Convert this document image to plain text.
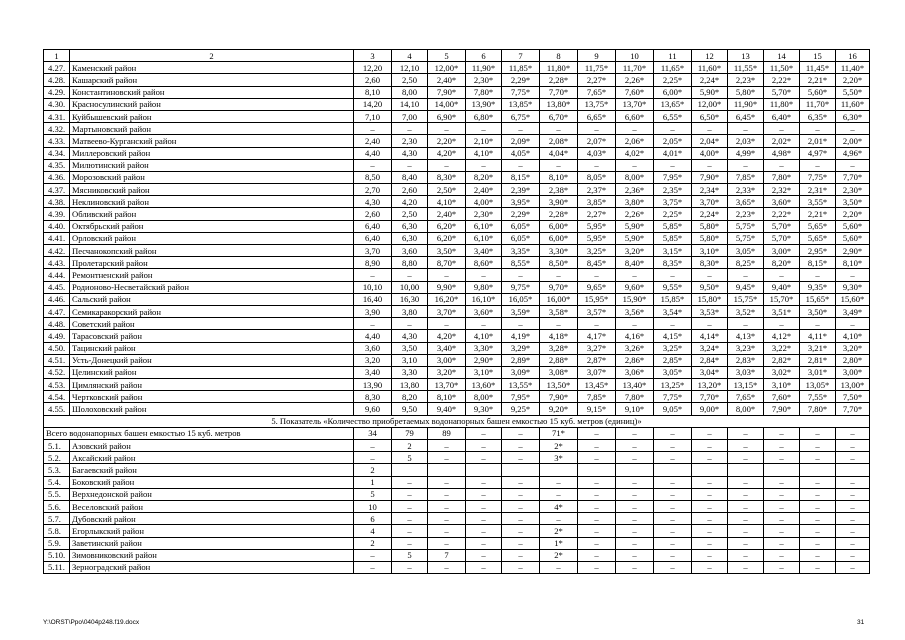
1	2	3	4	5	6	7	8	9	10	11	12	13	14	15	16
4.27.	Каменский район	12,20	12,10	12,00*	11,90*	11,85*	11,80*	11,75*	11,70*	11,65*	11,60*	11,55*	11,50*	11,45*	11,40*
4.28.	Кашарский район	2,60	2,50	2,40*	2,30*	2,29*	2,28*	2,27*	2,26*	2,25*	2,24*	2,23*	2,22*	2,21*	2,20*
4.29.	Константиновский район	8,10	8,00	7,90*	7,80*	7,75*	7,70*	7,65*	7,60*	6,00*	5,90*	5,80*	5,70*	5,60*	5,50*
4.30.	Красносулинский район	14,20	14,10	14,00*	13,90*	13,85*	13,80*	13,75*	13,70*	13,65*	12,00*	11,90*	11,80*	11,70*	11,60*
4.31.	Куйбышевский район	7,10	7,00	6,90*	6,80*	6,75*	6,70*	6,65*	6,60*	6,55*	6,50*	6,45*	6,40*	6,35*	6,30*
4.32.	Мартыновский район	–	–	–	–	–	–	–	–	–	–	–	–	–	–
4.33.	Матвеево-Курганский район	2,40	2,30	2,20*	2,10*	2,09*	2,08*	2,07*	2,06*	2,05*	2,04*	2,03*	2,02*	2,01*	2,00*
4.34.	Миллеровский район	4,40	4,30	4,20*	4,10*	4,05*	4,04*	4,03*	4,02*	4,01*	4,00*	4,99*	4,98*	4,97*	4,96*
4.35.	Милютинский район	–	–	–	–	–	–	–	–	–	–	–	–	–	–
4.36.	Морозовский район	8,50	8,40	8,30*	8,20*	8,15*	8,10*	8,05*	8,00*	7,95*	7,90*	7,85*	7,80*	7,75*	7,70*
4.37.	Мясниковский район	2,70	2,60	2,50*	2,40*	2,39*	2,38*	2,37*	2,36*	2,35*	2,34*	2,33*	2,32*	2,31*	2,30*
4.38.	Неклиновский район	4,30	4,20	4,10*	4,00*	3,95*	3,90*	3,85*	3,80*	3,75*	3,70*	3,65*	3,60*	3,55*	3,50*
4.39.	Обливский район	2,60	2,50	2,40*	2,30*	2,29*	2,28*	2,27*	2,26*	2,25*	2,24*	2,23*	2,22*	2,21*	2,20*
4.40.	Октябрьский район	6,40	6,30	6,20*	6,10*	6,05*	6,00*	5,95*	5,90*	5,85*	5,80*	5,75*	5,70*	5,65*	5,60*
4.41.	Орловский район	6,40	6,30	6,20*	6,10*	6,05*	6,00*	5,95*	5,90*	5,85*	5,80*	5,75*	5,70*	5,65*	5,60*
4.42.	Песчанокопский район	3,70	3,60	3,50*	3,40*	3,35*	3,30*	3,25*	3,20*	3,15*	3,10*	3,05*	3,00*	2,95*	2,90*
4.43.	Пролетарский район	8,90	8,80	8,70*	8,60*	8,55*	8,50*	8,45*	8,40*	8,35*	8,30*	8,25*	8,20*	8,15*	8,10*
4.44.	Ремонтненский район	–	–	–	–	–	–	–	–	–	–	–	–	–	–
4.45.	Родионово-Несветайский район	10,10	10,00	9,90*	9,80*	9,75*	9,70*	9,65*	9,60*	9,55*	9,50*	9,45*	9,40*	9,35*	9,30*
4.46.	Сальский район	16,40	16,30	16,20*	16,10*	16,05*	16,00*	15,95*	15,90*	15,85*	15,80*	15,75*	15,70*	15,65*	15,60*
4.47.	Семикаракорский район	3,90	3,80	3,70*	3,60*	3,59*	3,58*	3,57*	3,56*	3,54*	3,53*	3,52*	3,51*	3,50*	3,49*
4.48.	Советский район	–	–	–	–	–	–	–	–	–	–	–	–	–	–
4.49.	Тарасовский район	4,40	4,30	4,20*	4,10*	4,19*	4,18*	4,17*	4,16*	4,15*	4,14*	4,13*	4,12*	4,11*	4,10*
4.50.	Тацинский район	3,60	3,50	3,40*	3,30*	3,29*	3,28*	3,27*	3,26*	3,25*	3,24*	3,23*	3,22*	3,21*	3,20*
4.51.	Усть-Донецкий район	3,20	3,10	3,00*	2,90*	2,89*	2,88*	2,87*	2,86*	2,85*	2,84*	2,83*	2,82*	2,81*	2,80*
4.52.	Целинский район	3,40	3,30	3,20*	3,10*	3,09*	3,08*	3,07*	3,06*	3,05*	3,04*	3,03*	3,02*	3,01*	3,00*
4.53.	Цимлянский район	13,90	13,80	13,70*	13,60*	13,55*	13,50*	13,45*	13,40*	13,25*	13,20*	13,15*	3,10*	13,05*	13,00*
4.54.	Чертковский район	8,30	8,20	8,10*	8,00*	7,95*	7,90*	7,85*	7,80*	7,75*	7,70*	7,65*	7,60*	7,55*	7,50*
4.55.	Шолоховский район	9,60	9,50	9,40*	9,30*	9,25*	9,20*	9,15*	9,10*	9,05*	9,00*	8,00*	7,90*	7,80*	7,70*
5. Показатель «Количество приобретаемых водонапорных башен емкостью 15 куб. метров (единиц)»															
Всего водонапорных башен емкостью 15 куб. метров		34	79	89	–	–	71*	–	–	–	–	–	–	–	–
5.1.	Азовский район	–	2	–	–	–	2*	–	–	–	–	–	–	–	–
5.2.	Аксайский район	–	5	–	–	–	3*	–	–	–	–	–	–	–	–
5.3.	Багаевский район	2													
5.4.	Боковский район	1	–	–	–	–	–	–	–	–	–	–	–	–	–
5.5.	Верхнедонской район	5	–	–	–	–	–	–	–	–	–	–	–	–	–
5.6.	Веселовский район	10	–	–	–	–	4*	–	–	–	–	–	–	–	–
5.7.	Дубовский район	6	–	–	–	–	–	–	–	–	–	–	–	–	–
5.8.	Егорлыкский район	4	–	–	–	–	2*	–	–	–	–	–	–	–	–
5.9.	Заветинский район	2	–	–	–	–	1*	–	–	–	–	–	–	–	–
5.10.	Зимовниковский район	–	5	7	–	–	2*	–	–	–	–	–	–	–	–
5.11.	Зерноградский район	–	–	–	–	–	–	–	–	–	–	–	–	–	–
Y:\ORST\Ppo\0404p248.f19.docx	31
